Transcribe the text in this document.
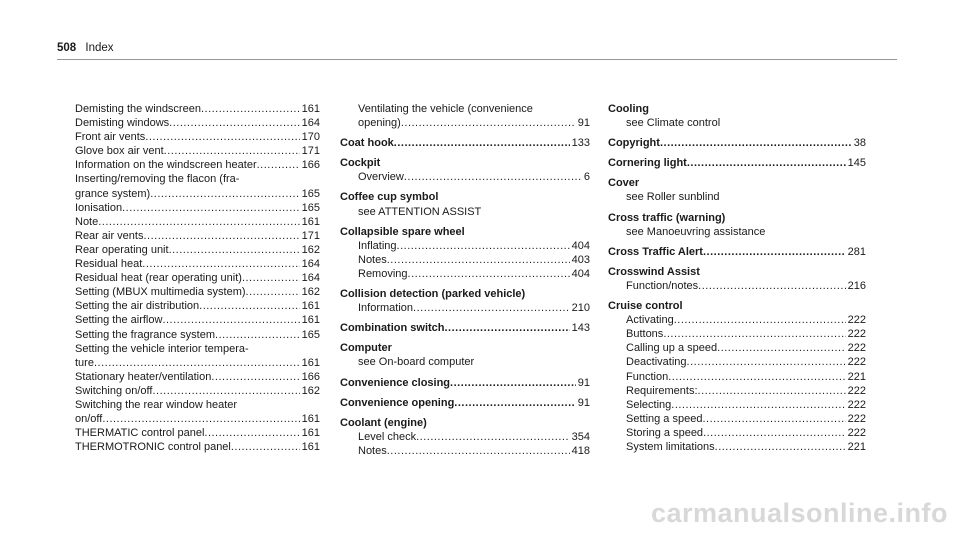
508 Index
Demisting the windscreen .....	161
Demisting windows .....	164
Front air vents .....	170
Glove box air vent .....	171
Information on the windscreen heater .....	166
Inserting/removing the flacon (fra-
grance system) .....	165
Ionisation .....	165
Note .....	161
Rear air vents .....	171
Rear operating unit .....	162
Residual heat .....	164
Residual heat (rear operating unit) .....	164
Setting (MBUX multimedia system) .....	162
Setting the air distribution .....	161
Setting the airflow .....	161
Setting the fragrance system .....	165
Setting the vehicle interior tempera-
ture .....	161
Stationary heater/ventilation .....	166
Switching on/off .....	162
Switching the rear window heater
on/off .....	161
THERMATIC control panel .....	161
THERMOTRONIC control panel .....	161
Ventilating the vehicle (convenience
opening) .....	91
Coat hook .....	133
Cockpit
Overview .....	6
Coffee cup symbol
see ATTENTION ASSIST
Collapsible spare wheel
Inflating .....	404
Notes .....	403
Removing .....	404
Collision detection (parked vehicle)
Information .....	210
Combination switch .....	143
Computer
see On-board computer
Convenience closing .....	91
Convenience opening .....	91
Coolant (engine)
Level check .....	354
Notes .....	418
Cooling
see Climate control
Copyright .....	38
Cornering light .....	145
Cover
see Roller sunblind
Cross traffic (warning)
see Manoeuvring assistance
Cross Traffic Alert .....	281
Crosswind Assist
Function/notes .....	216
Cruise control
Activating .....	222
Buttons .....	222
Calling up a speed .....	222
Deactivating .....	222
Function .....	221
Requirements: .....	222
Selecting .....	222
Setting a speed .....	222
Storing a speed .....	222
System limitations .....	221
carmanualsonline.info
